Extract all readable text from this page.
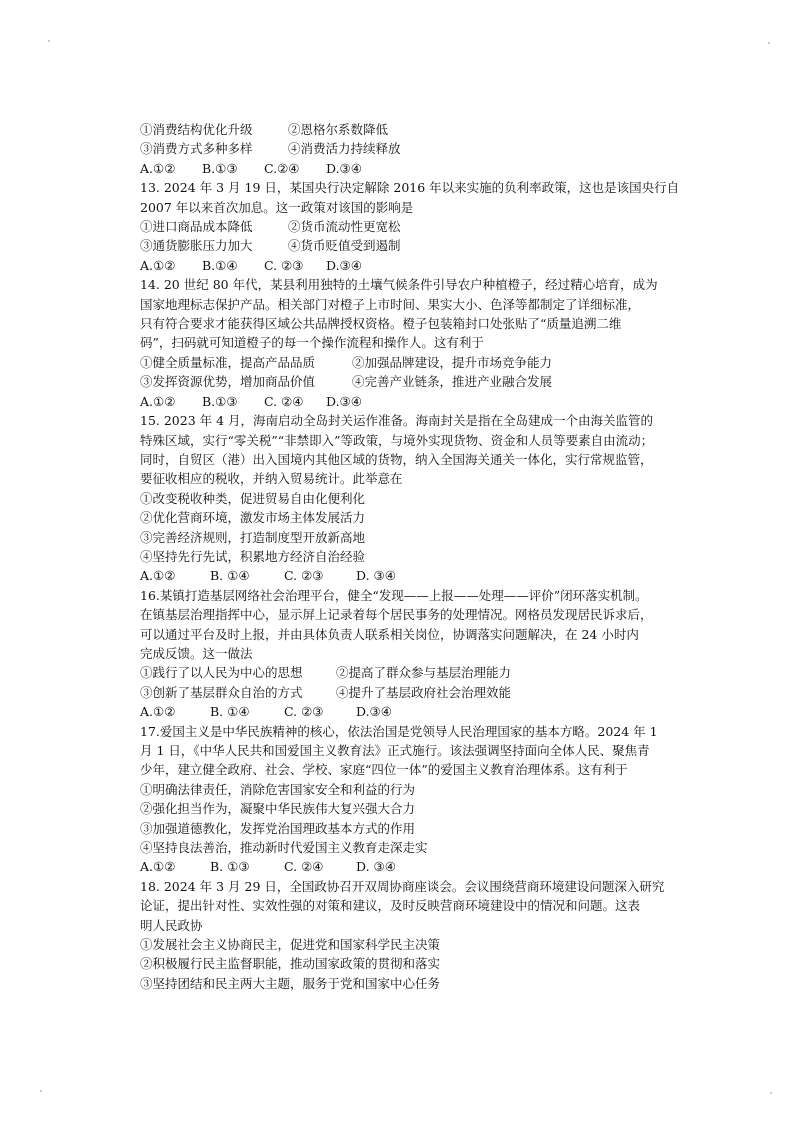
①消费结构优化升级	②恩格尔系数降低
③消费方式多种多样	④消费活力持续释放
A.①②	B.①③	C.②④	D.③④
13. 2024 年 3 月 19 日，某国央行决定解除 2016 年以来实施的负利率政策，这也是该国央行自
2007 年以来首次加息。这一政策对该国的影响是
①进口商品成本降低	②货币流动性更宽松
③通货膨胀压力加大	④货币贬值受到遏制
A.①②	B.①④	C. ②③	D.③④
14. 20 世纪 80 年代，某县利用独特的土壤气候条件引导农户种植橙子，经过精心培育，成为
国家地理标志保护产品。相关部门对橙子上市时间、果实大小、色泽等都制定了详细标准，
只有符合要求才能获得区域公共品牌授权资格。橙子包装箱封口处张贴了“质量追溯二维
码”，扫码就可知道橙子的每一个操作流程和操作人。这有利于
①健全质量标准，提高产品品质	②加强品牌建设，提升市场竞争能力
③发挥资源优势，增加商品价值	④完善产业链条，推进产业融合发展
A.①②	B.①③	C. ②④	D.③④
15. 2023 年 4 月，海南启动全岛封关运作准备。海南封关是指在全岛建成一个由海关监管的
特殊区域，实行“零关税”“非禁即入”等政策，与境外实现货物、资金和人员等要素自由流动；
同时，自贸区（港）出入国境内其他区域的货物，纳入全国海关通关一体化，实行常规监管，
要征收相应的税收，并纳入贸易统计。此举意在
①改变税收种类，促进贸易自由化便利化
②优化营商环境，激发市场主体发展活力
③完善经济规则，打造制度型开放新高地
④坚持先行先试，积累地方经济自治经验
A.①②	B. ①④	C. ②③	D. ③④
16.某镇打造基层网络社会治理平台，健全“发现——上报——处理——评价”闭环落实机制。
在镇基层治理指挥中心，显示屏上记录着每个居民事务的处理情况。网格员发现居民诉求后，
可以通过平台及时上报，并由具体负责人联系相关岗位，协调落实问题解决，在 24 小时内
完成反馈。这一做法
①践行了以人民为中心的思想	②提高了群众参与基层治理能力
③创新了基层群众自治的方式	④提升了基层政府社会治理效能
A.①②	B. ①④	C. ②③	D.③④
17.爱国主义是中华民族精神的核心，依法治国是党领导人民治理国家的基本方略。2024 年 1
月 1 日，《中华人民共和国爱国主义教育法》正式施行。该法强调坚持面向全体人民、聚焦青
少年，建立健全政府、社会、学校、家庭“四位一体”的爱国主义教育治理体系。这有利于
①明确法律责任，消除危害国家安全和利益的行为
②强化担当作为，凝聚中华民族伟大复兴强大合力
③加强道德教化，发挥党治国理政基本方式的作用
④坚持良法善治，推动新时代爱国主义教育走深走实
A.①②	B. ①③	C. ②④	D. ③④
18. 2024 年 3 月 29 日，全国政协召开双周协商座谈会。会议围绕营商环境建设问题深入研究
论证，提出针对性、实效性强的对策和建议，及时反映营商环境建设中的情况和问题。这表
明人民政协
①发展社会主义协商民主，促进党和国家科学民主决策
②积极履行民主监督职能，推动国家政策的贯彻和落实
③坚持团结和民主两大主题，服务于党和国家中心任务
